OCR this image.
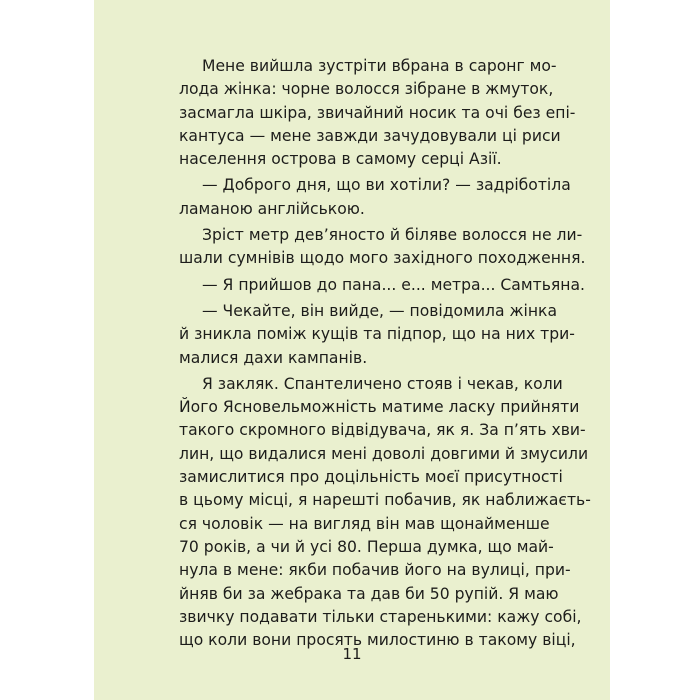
Мене вийшла зустріти вбрана в саронг мо-
лода жінка: чорне волосся зібране в жмуток,
засмагла шкіра, звичайний носик та очі без епі-
кантуса — мене завжди зачудовували ці риси
населення острова в самому серці Азії.
— Доброго дня, що ви хотіли? — задріботіла
ламаною англійською.
Зріст метр дев’яносто й біляве волосся не ли-
шали сумнівів щодо мого західного походження.
— Я прийшов до пана... е... метра... Самтьяна.
— Чекайте, він вийде, — повідомила жінка
й зникла поміж кущів та підпор, що на них три-
малися дахи кампанів.
Я закляк. Спантеличено стояв і чекав, коли
Його Ясновельможність матиме ласку прийняти
такого скромного відвідувача, як я. За п’ять хви-
лин, що видалися мені доволі довгими й змусили
замислитися про доцільність моєї присутності
в цьому місці, я нарешті побачив, як наближаєть-
ся чоловік — на вигляд він мав щонайменше
70 років, а чи й усі 80. Перша думка, що май-
нула в мене: якби побачив його на вулиці, при-
йняв би за жебрака та дав би 50 рупій. Я маю
звичку подавати тільки старенькими: кажу собі,
що коли вони просять милостиню в такому віці,
11
